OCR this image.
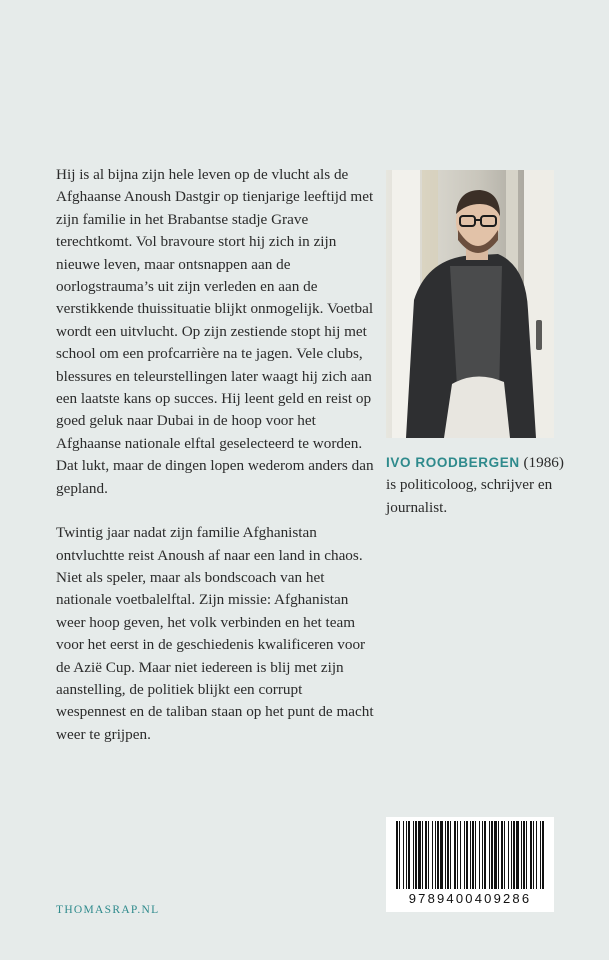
Hij is al bijna zijn hele leven op de vlucht als de Afghaanse Anoush Dastgir op tienjarige leeftijd met zijn familie in het Brabantse stadje Grave terechtkomt. Vol bravoure stort hij zich in zijn nieuwe leven, maar ontsnappen aan de oorlogstrauma’s uit zijn verleden en aan de verstikkende thuissituatie blijkt onmogelijk. Voetbal wordt een uitvlucht. Op zijn zestiende stopt hij met school om een profcarrière na te jagen. Vele clubs, blessures en teleurstellingen later waagt hij zich aan een laatste kans op succes. Hij leent geld en reist op goed geluk naar Dubai in de hoop voor het Afghaanse nationale elftal geselecteerd te worden. Dat lukt, maar de dingen lopen wederom anders dan gepland.

Twintig jaar nadat zijn familie Afghanistan ontvluchtte reist Anoush af naar een land in chaos. Niet als speler, maar als bondscoach van het nationale voetbalelftal. Zijn missie: Afghanistan weer hoop geven, het volk verbinden en het team voor het eerst in de geschiedenis kwalificeren voor de Azië Cup. Maar niet iedereen is blij met zijn aanstelling, de politiek blijkt een corrupt wespennest en de taliban staan op het punt de macht weer te grijpen.

IVO ROODBERGEN (1986) is politicoloog, schrijver en journalist.
9789400409286
THOMASRAP.NL
